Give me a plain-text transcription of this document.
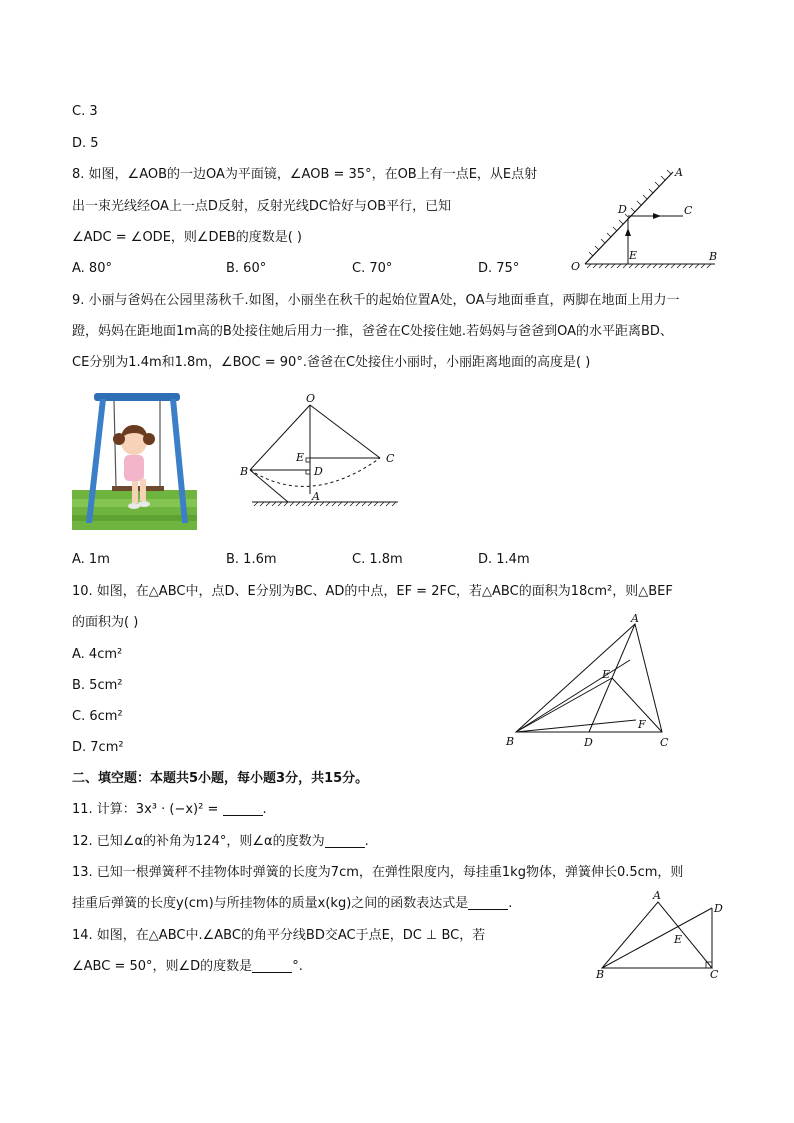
C. 3
D. 5
8. 如图，∠AOB的一边OA为平面镜，∠AOB = 35°，在OB上有一点E，从E点射
出一束光线经OA上一点D反射，反射光线DC恰好与OB平行，已知
∠ADC = ∠ODE，则∠DEB的度数是( )
A. 80°	B. 60°	C. 70°	D. 75°
A
D	C
O
E	B
9. 小丽与爸妈在公园里荡秋千.如图，小丽坐在秋千的起始位置A处，OA与地面垂直，两脚在地面上用力一
蹬，妈妈在距地面1m高的B处接住她后用力一推，爸爸在C处接住她.若妈妈与爸爸到OA的水平距离BD、
CE分别为1.4m和1.8m，∠BOC = 90°.爸爸在C处接住小丽时，小丽距离地面的高度是( )
O
E
D
B
C
A
A. 1m	B. 1.6m	C. 1.8m	D. 1.4m
10. 如图，在△ABC中，点D、E分别为BC、AD的中点，EF = 2FC，若△ABC的面积为18cm²，则△BEF
的面积为( )
A. 4cm²
B. 5cm²
C. 6cm²
D. 7cm²
A
E
F
B	D	C
二、填空题：本题共5小题，每小题3分，共15分。
11. 计算：3x³ · (−x)² =	.
12. 已知∠α的补角为124°，则∠α的度数为	.
13. 已知一根弹簧秤不挂物体时弹簧的长度为7cm，在弹性限度内，每挂重1kg物体，弹簧伸长0.5cm，则
挂重后弹簧的长度y(cm)与所挂物体的质量x(kg)之间的函数表达式是	.
14. 如图，在△ABC中.∠ABC的角平分线BD交AC于点E，DC ⊥ BC，若
∠ABC = 50°，则∠D的度数是	°.
A
D
E
B	C
